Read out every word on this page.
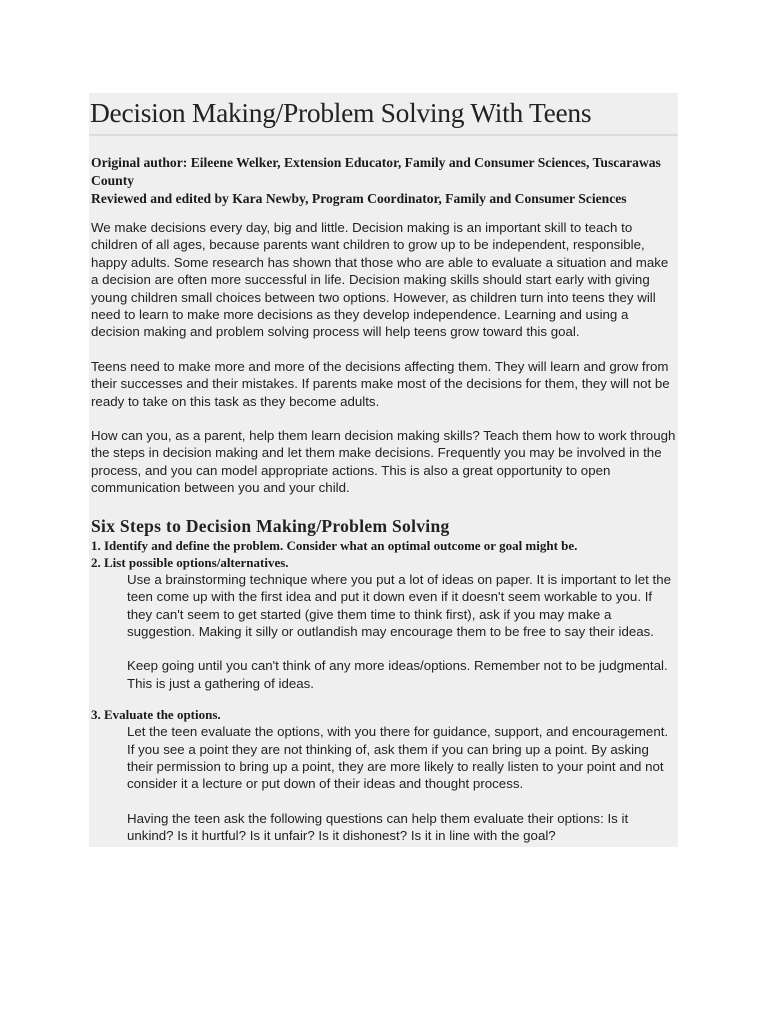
Decision Making/Problem Solving With Teens
Original author: Eileene Welker, Extension Educator, Family and Consumer Sciences, Tuscarawas County
Reviewed and edited by Kara Newby, Program Coordinator, Family and Consumer Sciences

We make decisions every day, big and little. Decision making is an important skill to teach to children of all ages, because parents want children to grow up to be independent, responsible, happy adults. Some research has shown that those who are able to evaluate a situation and make a decision are often more successful in life. Decision making skills should start early with giving young children small choices between two options. However, as children turn into teens they will need to learn to make more decisions as they develop independence. Learning and using a decision making and problem solving process will help teens grow toward this goal.

Teens need to make more and more of the decisions affecting them. They will learn and grow from their successes and their mistakes. If parents make most of the decisions for them, they will not be ready to take on this task as they become adults.

How can you, as a parent, help them learn decision making skills? Teach them how to work through the steps in decision making and let them make decisions. Frequently you may be involved in the process, and you can model appropriate actions. This is also a great opportunity to open communication between you and your child.

Six Steps to Decision Making/Problem Solving
1. Identify and define the problem. Consider what an optimal outcome or goal might be.
2. List possible options/alternatives.

Use a brainstorming technique where you put a lot of ideas on paper. It is important to let the teen come up with the first idea and put it down even if it doesn't seem workable to you. If they can't seem to get started (give them time to think first), ask if you may make a suggestion. Making it silly or outlandish may encourage them to be free to say their ideas.

Keep going until you can't think of any more ideas/options. Remember not to be judgmental. This is just a gathering of ideas.

3. Evaluate the options.

Let the teen evaluate the options, with you there for guidance, support, and encouragement. If you see a point they are not thinking of, ask them if you can bring up a point. By asking their permission to bring up a point, they are more likely to really listen to your point and not consider it a lecture or put down of their ideas and thought process.

Having the teen ask the following questions can help them evaluate their options: Is it unkind? Is it hurtful? Is it unfair? Is it dishonest? Is it in line with the goal?
